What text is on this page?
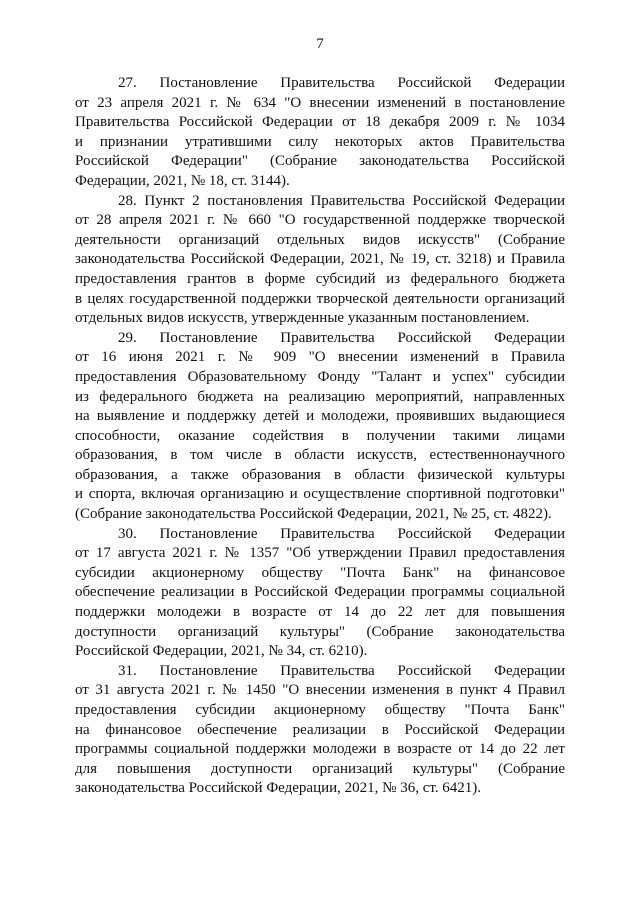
7
27. Постановление Правительства Российской Федерации
от 23 апреля 2021 г. № 634 "О внесении изменений в постановление
Правительства Российской Федерации от 18 декабря 2009 г. № 1034
и признании утратившими силу некоторых актов Правительства
Российской Федерации" (Собрание законодательства Российской
Федерации, 2021, № 18, ст. 3144).
28. Пункт 2 постановления Правительства Российской Федерации
от 28 апреля 2021 г. № 660 "О государственной поддержке творческой
деятельности организаций отдельных видов искусств" (Собрание
законодательства Российской Федерации, 2021, № 19, ст. 3218) и Правила
предоставления грантов в форме субсидий из федерального бюджета
в целях государственной поддержки творческой деятельности организаций
отдельных видов искусств, утвержденные указанным постановлением.
29. Постановление Правительства Российской Федерации
от 16 июня 2021 г. № 909 "О внесении изменений в Правила
предоставления Образовательному Фонду "Талант и успех" субсидии
из федерального бюджета на реализацию мероприятий, направленных
на выявление и поддержку детей и молодежи, проявивших выдающиеся
способности, оказание содействия в получении такими лицами
образования, в том числе в области искусств, естественнонаучного
образования, а также образования в области физической культуры
и спорта, включая организацию и осуществление спортивной подготовки"
(Собрание законодательства Российской Федерации, 2021, № 25, ст. 4822).
30. Постановление Правительства Российской Федерации
от 17 августа 2021 г. № 1357 "Об утверждении Правил предоставления
субсидии акционерному обществу "Почта Банк" на финансовое
обеспечение реализации в Российской Федерации программы социальной
поддержки молодежи в возрасте от 14 до 22 лет для повышения
доступности организаций культуры" (Собрание законодательства
Российской Федерации, 2021, № 34, ст. 6210).
31. Постановление Правительства Российской Федерации
от 31 августа 2021 г. № 1450 "О внесении изменения в пункт 4 Правил
предоставления субсидии акционерному обществу "Почта Банк"
на финансовое обеспечение реализации в Российской Федерации
программы социальной поддержки молодежи в возрасте от 14 до 22 лет
для повышения доступности организаций культуры" (Собрание
законодательства Российской Федерации, 2021, № 36, ст. 6421).
